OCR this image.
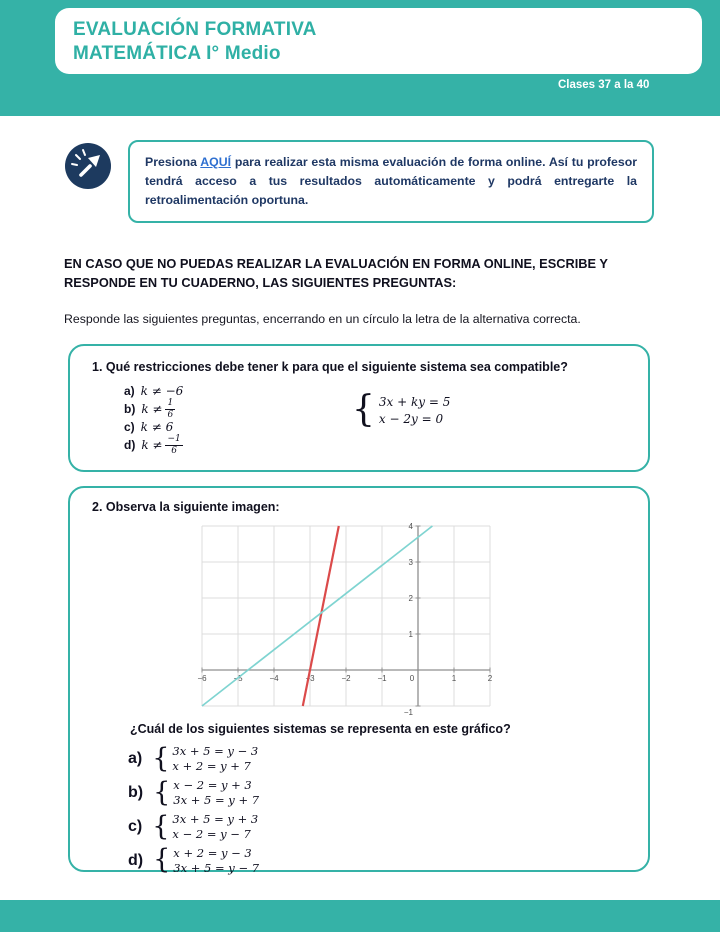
EVALUACIÓN FORMATIVA
MATEMÁTICA I° Medio
Clases 37 a la 40

Presiona AQUÍ para realizar esta misma evaluación de forma online. Así tu profesor tendrá acceso a tus resultados automáticamente y podrá entregarte la retroalimentación oportuna.

EN CASO QUE NO PUEDAS REALIZAR LA EVALUACIÓN EN FORMA ONLINE, ESCRIBE Y RESPONDE EN TU CUADERNO, LAS SIGUIENTES PREGUNTAS:
Responde las siguientes preguntas, encerrando en un círculo la letra de la alternativa correcta.
1. Qué restricciones debe tener k para que el siguiente sistema sea compatible?
a) k ≠ −6
b) $k \ne \frac{1}{6}$
c) k ≠ 6
d) $k \ne \frac{-1}{6}$
{ 3x + ky = 5
x − 2y = 0
2. Observa la siguiente imagen:
−6	−5	−4	−3	−2	−1	0	1	2
4
3
2
1
−1
¿Cuál de los siguientes sistemas se representa en este gráfico?
a) { 3x + 5 = y − 3
x + 2 = y + 7
b) { x − 2 = y + 3
3x + 5 = y + 7
c) { 3x + 5 = y + 3
x − 2 = y − 7
d) { x + 2 = y − 3
3x + 5 = y − 7
